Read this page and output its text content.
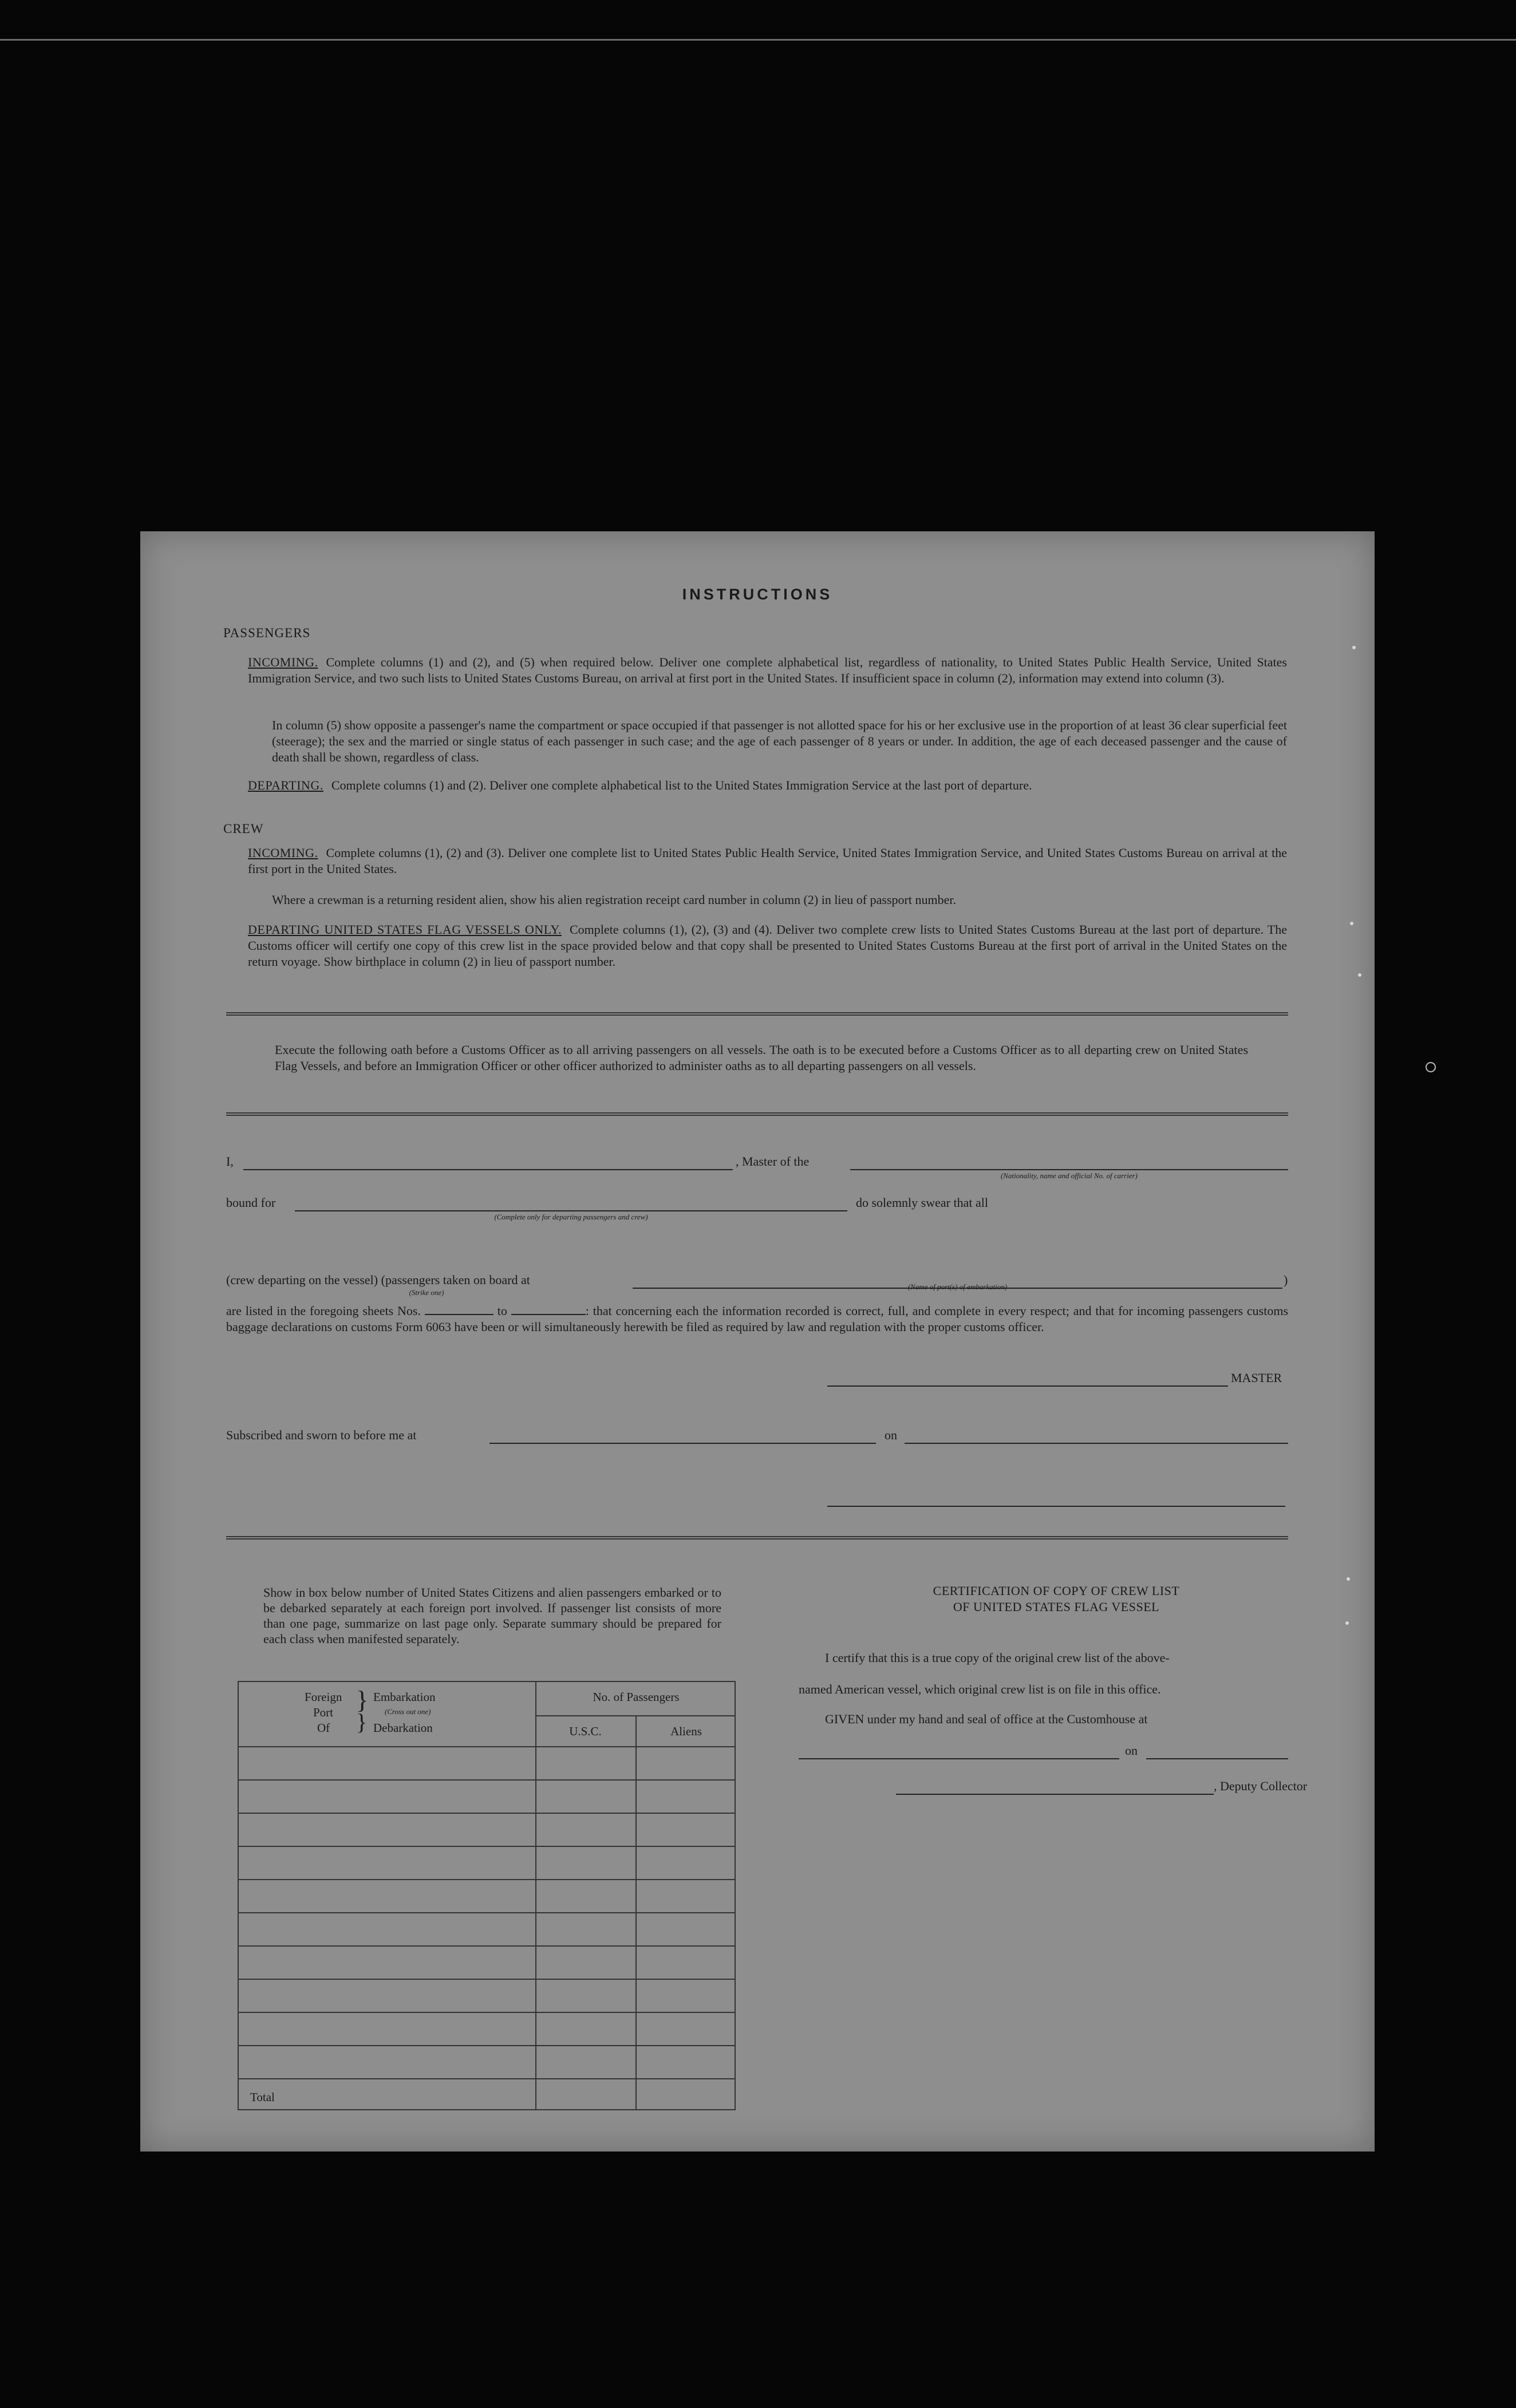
INSTRUCTIONS
PASSENGERS
INCOMING. Complete columns (1) and (2), and (5) when required below. Deliver one complete alphabetical list, regardless of nationality, to United States Public Health Service, United States Immigration Service, and two such lists to United States Customs Bureau, on arrival at first port in the United States. If insufficient space in column (2), information may extend into column (3).
In column (5) show opposite a passenger's name the compartment or space occupied if that passenger is not allotted space for his or her exclusive use in the proportion of at least 36 clear superficial feet (steerage); the sex and the married or single status of each passenger in such case; and the age of each passenger of 8 years or under. In addition, the age of each deceased passenger and the cause of death shall be shown, regardless of class.
DEPARTING. Complete columns (1) and (2). Deliver one complete alphabetical list to the United States Immigration Service at the last port of departure.
CREW
INCOMING. Complete columns (1), (2) and (3). Deliver one complete list to United States Public Health Service, United States Immigration Service, and United States Customs Bureau on arrival at the first port in the United States.
Where a crewman is a returning resident alien, show his alien registration receipt card number in column (2) in lieu of passport number.
DEPARTING UNITED STATES FLAG VESSELS ONLY. Complete columns (1), (2), (3) and (4). Deliver two complete crew lists to United States Customs Bureau at the last port of departure. The Customs officer will certify one copy of this crew list in the space provided below and that copy shall be presented to United States Customs Bureau at the first port of arrival in the United States on the return voyage. Show birthplace in column (2) in lieu of passport number.
Execute the following oath before a Customs Officer as to all arriving passengers on all vessels. The oath is to be executed before a Customs Officer as to all departing crew on United States Flag Vessels, and before an Immigration Officer or other officer authorized to administer oaths as to all departing passengers on all vessels.
I,	, Master of the
(Nationality, name and official No. of carrier)
bound for
(Complete only for departing passengers and crew)
do solemnly swear that all
(crew departing on the vessel) (passengers taken on board at
(Strike one)
(Name of port(s) of embarkation)	)
are listed in the foregoing sheets Nos.	to	: that concerning each the information recorded is correct, full, and complete in every respect; and that for incoming passengers customs baggage declarations on customs Form 6063 have been or will simultaneously herewith be filed as required by law and regulation with the proper customs officer.
MASTER
Subscribed and sworn to before me at	on
Show in box below number of United States Citizens and alien passengers embarked or to be debarked separately at each foreign port involved. If passenger list consists of more than one page, summarize on last page only. Separate summary should be prepared for each class when manifested separately.
Foreign
Port
Of
}
}
Embarkation
(Cross out one)
Debarkation
No. of Passengers
U.S.C.	Aliens
Total
CERTIFICATION OF COPY OF CREW LIST
OF UNITED STATES FLAG VESSEL
I certify that this is a true copy of the original crew list of the above-
named American vessel, which original crew list is on file in this office.
GIVEN under my hand and seal of office at the Customhouse at
on
, Deputy Collector
